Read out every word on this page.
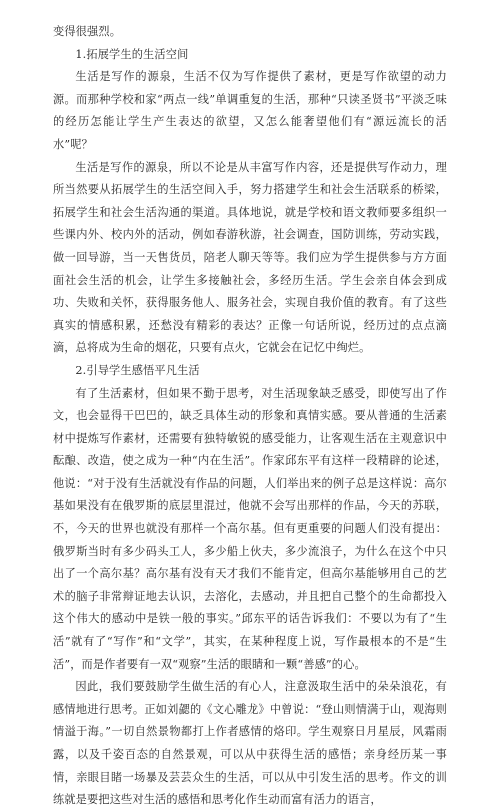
变得很强烈。

1.拓展学生的生活空间

生活是写作的源泉，生活不仅为写作提供了素材，更是写作欲望的动力源。而那种学校和家“两点一线”单调重复的生活，那种“只读圣贤书”平淡乏味的经历怎能让学生产生表达的欲望，又怎么能奢望他们有“源远流长的活水”呢？

生活是写作的源泉，所以不论是从丰富写作内容，还是提供写作动力，理所当然要从拓展学生的生活空间入手，努力搭建学生和社会生活联系的桥梁，拓展学生和社会生活沟通的渠道。具体地说，就是学校和语文教师要多组织一些课内外、校内外的活动，例如春游秋游，社会调查，国防训练，劳动实践，做一回导游，当一天售货员，陪老人聊天等等。我们应为学生提供参与方方面面社会生活的机会，让学生多接触社会，多经历生活。学生会亲自体会到成功、失败和关怀，获得服务他人、服务社会，实现自我价值的教育。有了这些真实的情感积累，还愁没有精彩的表达？正像一句话所说，经历过的点点滴滴，总将成为生命的烟花，只要有点火，它就会在记忆中绚烂。

2.引导学生感悟平凡生活

有了生活素材，但如果不勤于思考，对生活现象缺乏感受，即使写出了作文，也会显得干巴巴的，缺乏具体生动的形象和真情实感。要从普通的生活素材中提炼写作素材，还需要有独特敏锐的感受能力，让客观生活在主观意识中酝酿、改造，使之成为一种“内在生活”。作家邱东平有这样一段精辟的论述，他说：“对于没有生活就没有作品的问题，人们举出来的例子总是这样说：高尔基如果没有在俄罗斯的底层里混过，他就不会写出那样的作品，今天的苏联，不，今天的世界也就没有那样一个高尔基。但有更重要的问题人们没有提出：俄罗斯当时有多少码头工人，多少船上伙夫，多少流浪子，为什么在这个中只出了一个高尔基？高尔基有没有天才我们不能肯定，但高尔基能够用自己的艺术的脑子非常辩证地去认识，去溶化，去感动，并且把自己整个的生命都投入这个伟大的感动中是铁一般的事实。”邱东平的话告诉我们：不要以为有了“生活”就有了“写作”和“文学”，其实，在某种程度上说，写作最根本的不是“生活”，而是作者要有一双“观察”生活的眼睛和一颗“善感”的心。

因此，我们要鼓励学生做生活的有心人，注意汲取生活中的朵朵浪花，有感情地进行思考。正如刘勰的《文心雕龙》中曾说：“登山则情满于山，观海则情溢于海。”一切自然景物都打上作者感情的烙印。学生观察日月星辰，风霜雨露，以及千姿百态的自然景观，可以从中获得生活的感悟；亲身经历某一事情，亲眼目睹一场暴及芸芸众生的生活，可以从中引发生活的思考。作文的训练就是要把这些对生活的感悟和思考化作生动而富有活力的语言，
